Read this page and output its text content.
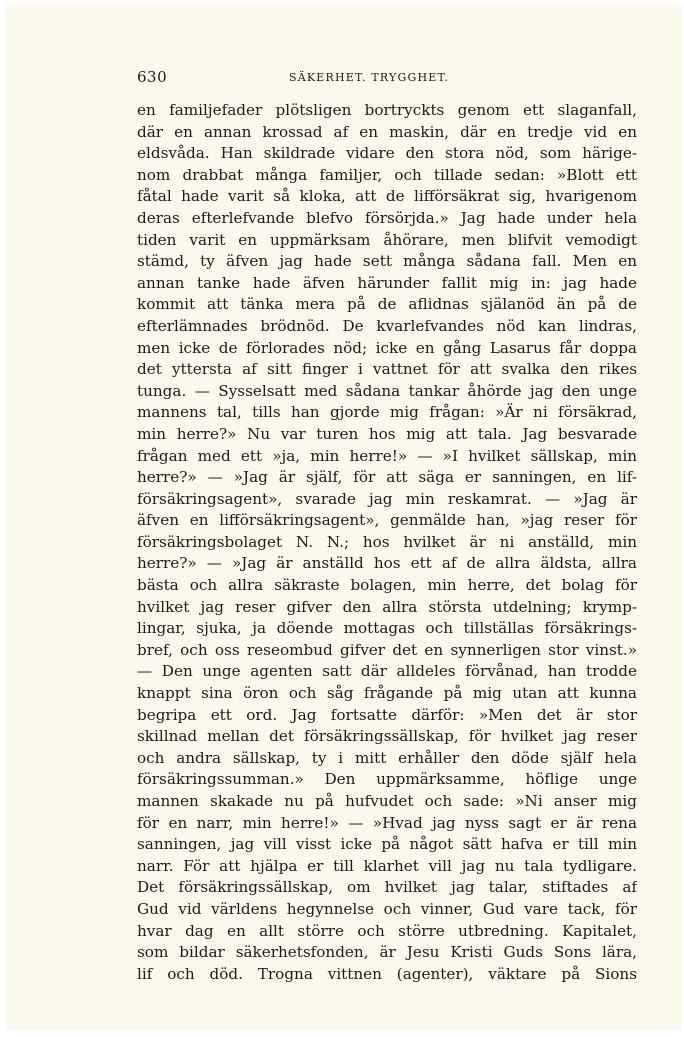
630	SÄKERHET. TRYGGHET.
en familjefader plötsligen bortryckts genom ett slaganfall,
där en annan krossad af en maskin, där en tredje vid en
eldsvåda. Han skildrade vidare den stora nöd, som härige-
nom drabbat många familjer, och tillade sedan: »Blott ett
fåtal hade varit så kloka, att de lifförsäkrat sig, hvarigenom
deras efterlefvande blefvo försörjda.» Jag hade under hela
tiden varit en uppmärksam åhörare, men blifvit vemodigt
stämd, ty äfven jag hade sett många sådana fall. Men en
annan tanke hade äfven härunder fallit mig in: jag hade
kommit att tänka mera på de aflidnas själanöd än på de
efterlämnades brödnöd. De kvarlefvandes nöd kan lindras,
men icke de förlorades nöd; icke en gång Lasarus får doppa
det yttersta af sitt finger i vattnet för att svalka den rikes
tunga. — Sysselsatt med sådana tankar åhörde jag den unge
mannens tal, tills han gjorde mig frågan: »Är ni försäkrad,
min herre?» Nu var turen hos mig att tala. Jag besvarade
frågan med ett »ja, min herre!» — »I hvilket sällskap, min
herre?» — »Jag är själf, för att säga er sanningen, en lif-
försäkringsagent», svarade jag min reskamrat. — »Jag är
äfven en lifförsäkringsagent», genmälde han, »jag reser för
försäkringsbolaget N. N.; hos hvilket är ni anställd, min
herre?» — »Jag är anställd hos ett af de allra äldsta, allra
bästa och allra säkraste bolagen, min herre, det bolag för
hvilket jag reser gifver den allra största utdelning; krymp-
lingar, sjuka, ja döende mottagas och tillställas försäkrings-
bref, och oss reseombud gifver det en synnerligen stor vinst.»
— Den unge agenten satt där alldeles förvånad, han trodde
knappt sina öron och såg frågande på mig utan att kunna
begripa ett ord. Jag fortsatte därför: »Men det är stor
skillnad mellan det försäkringssällskap, för hvilket jag reser
och andra sällskap, ty i mitt erhåller den döde själf hela
försäkringssumman.» Den uppmärksamme, höflige unge
mannen skakade nu på hufvudet och sade: »Ni anser mig
för en narr, min herre!» — »Hvad jag nyss sagt er är rena
sanningen, jag vill visst icke på något sätt hafva er till min
narr. För att hjälpa er till klarhet vill jag nu tala tydligare.
Det försäkringssällskap, om hvilket jag talar, stiftades af
Gud vid världens hegynnelse och vinner, Gud vare tack, för
hvar dag en allt större och större utbredning. Kapitalet,
som bildar säkerhetsfonden, är Jesu Kristi Guds Sons lära,
lif och död. Trogna vittnen (agenter), väktare på Sions
